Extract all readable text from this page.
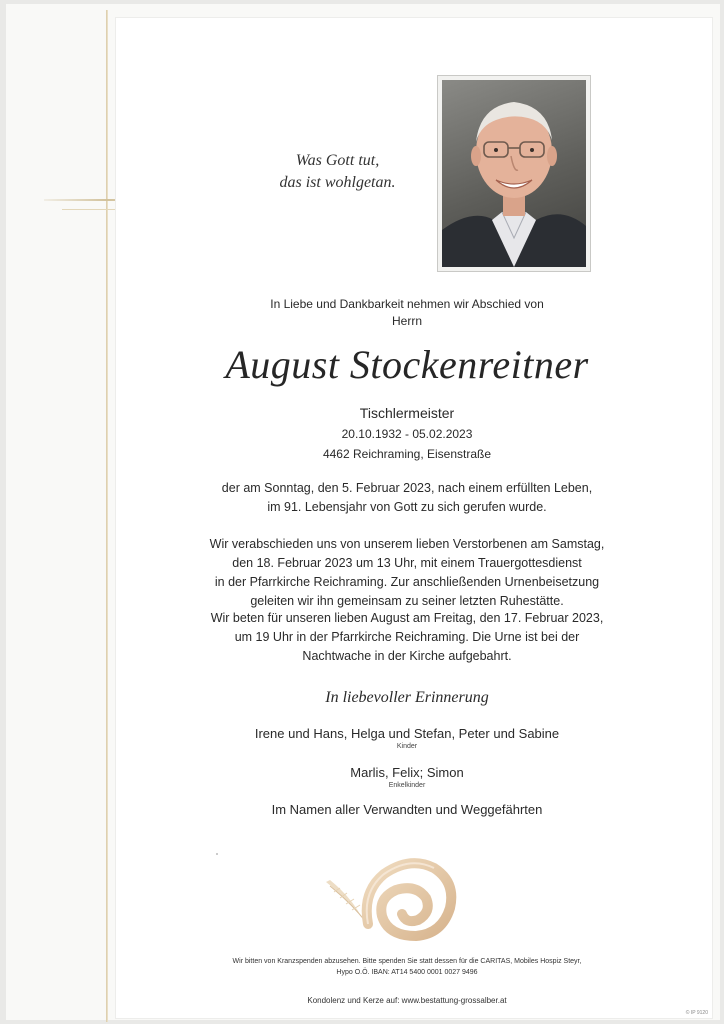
Was Gott tut,
das ist wohlgetan.
In Liebe und Dankbarkeit nehmen wir Abschied von
Herrn
August Stockenreitner
Tischlermeister
20.10.1932 - 05.02.2023
4462 Reichraming, Eisenstraße
der am Sonntag, den 5. Februar 2023, nach einem erfüllten Leben,
im 91. Lebensjahr von Gott zu sich gerufen wurde.
Wir verabschieden uns von unserem lieben Verstorbenen am Samstag,
den 18. Februar 2023 um 13 Uhr, mit einem Trauergottesdienst
in der Pfarrkirche Reichraming. Zur anschließenden Urnenbeisetzung
geleiten wir ihn gemeinsam zu seiner letzten Ruhestätte.
Wir beten für unseren lieben August am Freitag, den 17. Februar 2023,
um 19 Uhr in der Pfarrkirche Reichraming. Die Urne ist bei der
Nachtwache in der Kirche aufgebahrt.
In liebevoller Erinnerung
Irene und Hans, Helga und Stefan, Peter und Sabine
Kinder
Marlis, Felix; Simon
Enkelkinder
Im Namen aller Verwandten und Weggefährten
Wir bitten von Kranzspenden abzusehen. Bitte spenden Sie statt dessen für die CARITAS, Mobiles Hospiz Steyr,
Hypo O.Ö. IBAN: AT14 5400 0001 0027 9496
Kondolenz und Kerze auf: www.bestattung-grossalber.at
© IP 9120
